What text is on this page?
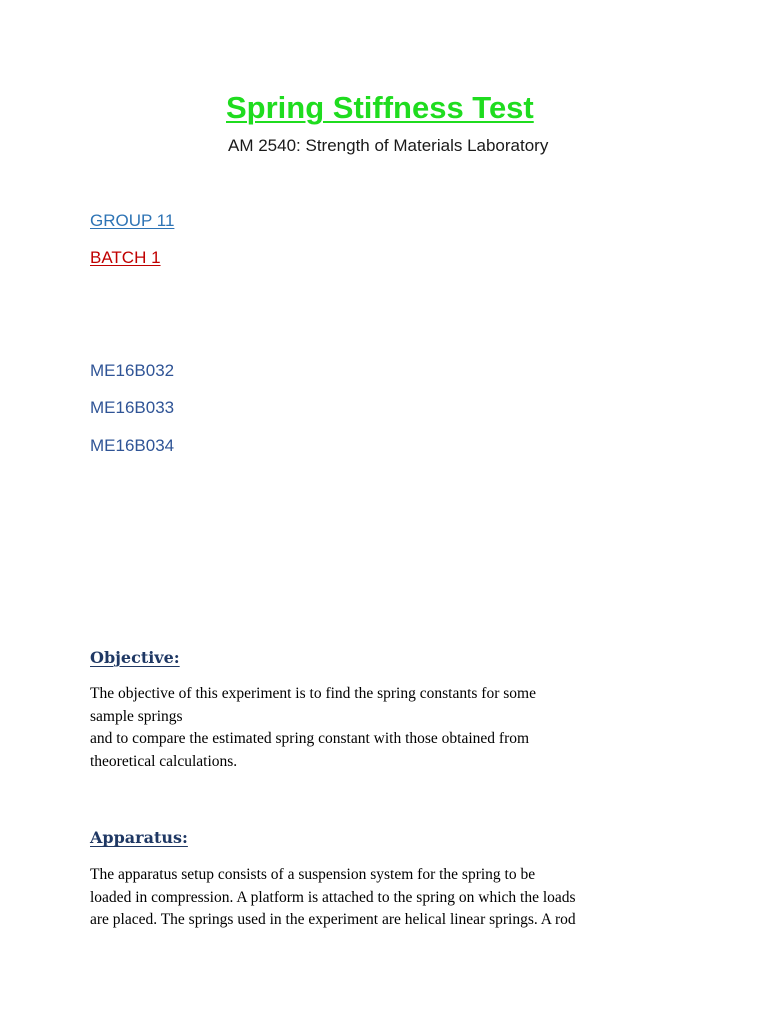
Spring Stiffness Test
AM 2540: Strength of Materials Laboratory
GROUP 11
BATCH 1
ME16B032
ME16B033
ME16B034
Objective:
The objective of this experiment is to find the spring constants for some
sample springs
and to compare the estimated spring constant with those obtained from
theoretical calculations.
Apparatus:
The apparatus setup consists of a suspension system for the spring to be
loaded in compression. A platform is attached to the spring on which the loads
are placed. The springs used in the experiment are helical linear springs. A rod
